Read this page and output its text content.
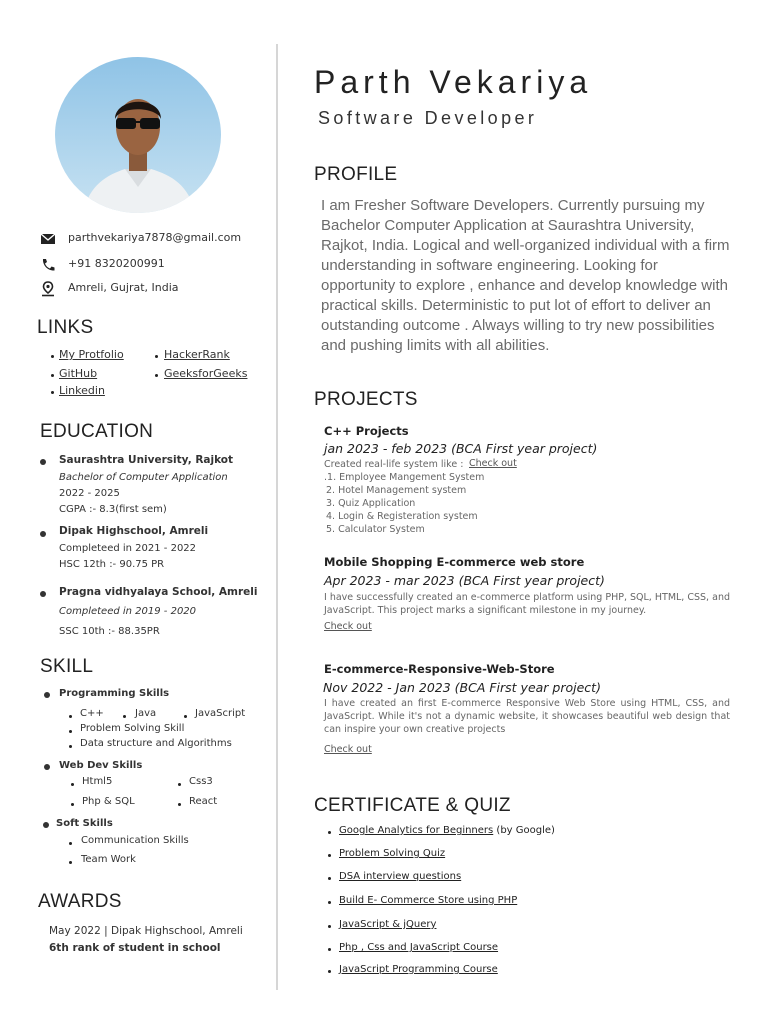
parthvekariya7878@gmail.com
+91 8320200991
Amreli, Gujrat, India
LINKS
My Protfolio	HackerRank
GitHub	GeeksforGeeks
Linkedin
EDUCATION
Saurashtra University, Rajkot
Bachelor of Computer Application
2022 - 2025
CGPA :- 8.3(first sem)
Dipak Highschool, Amreli
Completeed in 2021 - 2022
HSC 12th :- 90.75 PR
Pragna vidhyalaya School, Amreli
Completeed in 2019 - 2020
SSC 10th :- 88.35PR
SKILL
Programming Skills
C++	Java	JavaScript
Problem Solving Skill
Data structure and Algorithms
Web Dev Skills
Html5	Css3
Php & SQL	React
Soft Skills
Communication Skills
Team Work
AWARDS
May 2022 | Dipak Highschool, Amreli
6th rank of student in school
Parth Vekariya
Software Developer
PROFILE
I am Fresher Software Developers. Currently pursuing my Bachelor Computer Application at Saurashtra University, Rajkot, India. Logical and well-organized individual with a firm understanding in software engineering. Looking for opportunity to explore , enhance and develop knowledge with practical skills. Deterministic to put lot of effort to deliver an outstanding outcome . Always willing to try new possibilities and pushing limits with all abilities.
PROJECTS
C++ Projects
jan 2023 - feb 2023 (BCA First year project)
Created real-life system like : Check out
.1. Employee Mangement System
2. Hotel Management system
3. Quiz Application
4. Login & Registeration system
5. Calculator System
Mobile Shopping E-commerce web store
Apr 2023 - mar 2023 (BCA First year project)
I have successfully created an e-commerce platform using PHP, SQL, HTML, CSS, and JavaScript. This project marks a significant milestone in my journey.
Check out
E-commerce-Responsive-Web-Store
Nov 2022 - Jan 2023 (BCA First year project)
I have created an first E-commerce Responsive Web Store using HTML, CSS, and JavaScript. While it's not a dynamic website, it showcases beautiful web design that can inspire your own creative projects
Check out
CERTIFICATE & QUIZ
Google Analytics for Beginners (by Google)
Problem Solving Quiz
DSA interview questions
Build E- Commerce Store using PHP
JavaScript & jQuery
Php , Css and JavaScript Course
JavaScript Programming Course
